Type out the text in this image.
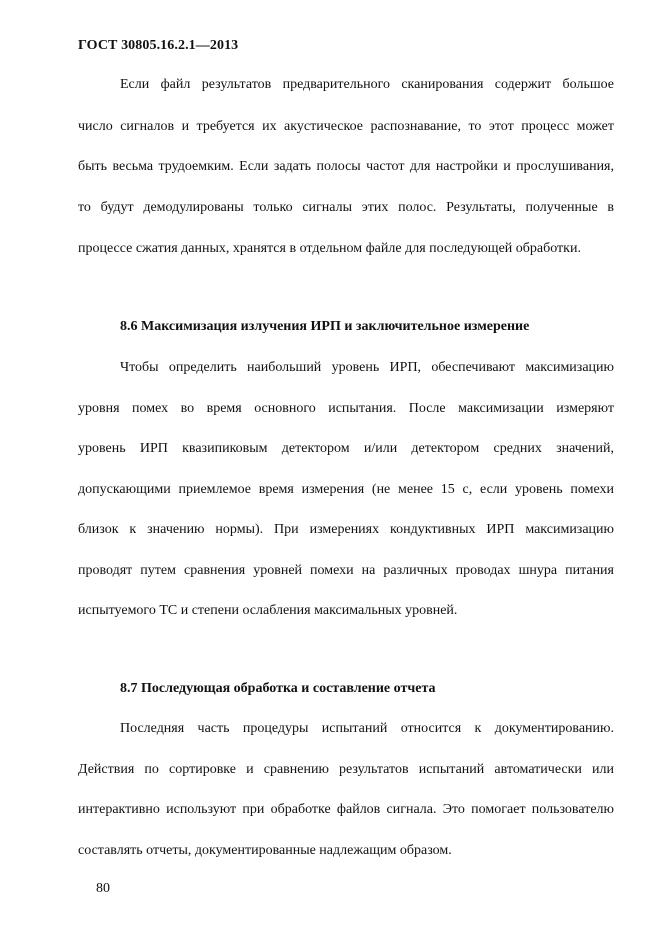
ГОСТ 30805.16.2.1—2013
Если файл результатов предварительного сканирования содержит большое
число сигналов и требуется их акустическое распознавание, то этот процесс может
быть весьма трудоемким. Если задать полосы частот для настройки и прослушивания,
то будут демодулированы только сигналы этих полос. Результаты, полученные в
процессе сжатия данных, хранятся в отдельном файле для последующей обработки.
8.6 Максимизация излучения ИРП и заключительное измерение
Чтобы определить наибольший уровень ИРП, обеспечивают максимизацию
уровня помех во время основного испытания. После максимизации измеряют
уровень ИРП квазипиковым детектором и/или детектором средних значений,
допускающими приемлемое время измерения (не менее 15 с, если уровень помехи
близок к значению нормы). При измерениях кондуктивных ИРП максимизацию
проводят путем сравнения уровней помехи на различных проводах шнура питания
испытуемого ТС и степени ослабления максимальных уровней.
8.7 Последующая обработка и составление отчета
Последняя часть процедуры испытаний относится к документированию.
Действия по сортировке и сравнению результатов испытаний автоматически или
интерактивно используют при обработке файлов сигнала. Это помогает пользователю
составлять отчеты, документированные надлежащим образом.
80
